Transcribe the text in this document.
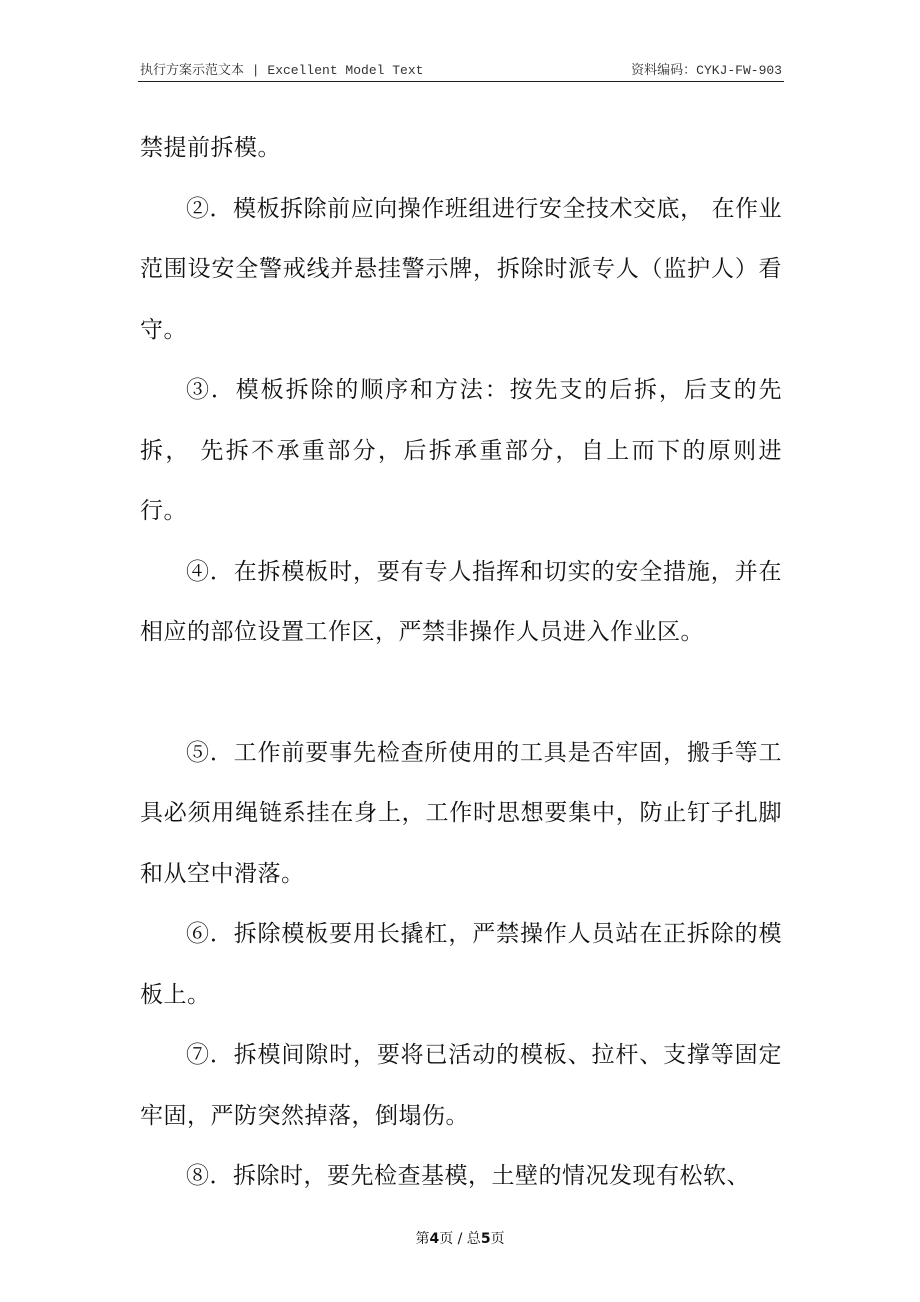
执行方案示范文本 | Excellent Model Text	资料编码：CYKJ-FW-903

禁提前拆模。

②．模板拆除前应向操作班组进行安全技术交底， 在作业范围设安全警戒线并悬挂警示牌，拆除时派专人（监护人）看守。

③．模板拆除的顺序和方法：按先支的后拆，后支的先拆， 先拆不承重部分，后拆承重部分，自上而下的原则进行。

④．在拆模板时，要有专人指挥和切实的安全措施，并在相应的部位设置工作区，严禁非操作人员进入作业区。

⑤．工作前要事先检查所使用的工具是否牢固，搬手等工具必须用绳链系挂在身上，工作时思想要集中，防止钉子扎脚和从空中滑落。

⑥．拆除模板要用长撬杠，严禁操作人员站在正拆除的模板上。

⑦．拆模间隙时，要将已活动的模板、拉杆、支撑等固定牢固，严防突然掉落，倒塌伤。

⑧．拆除时，要先检查基模，土壁的情况发现有松软、

第4页 / 总5页
